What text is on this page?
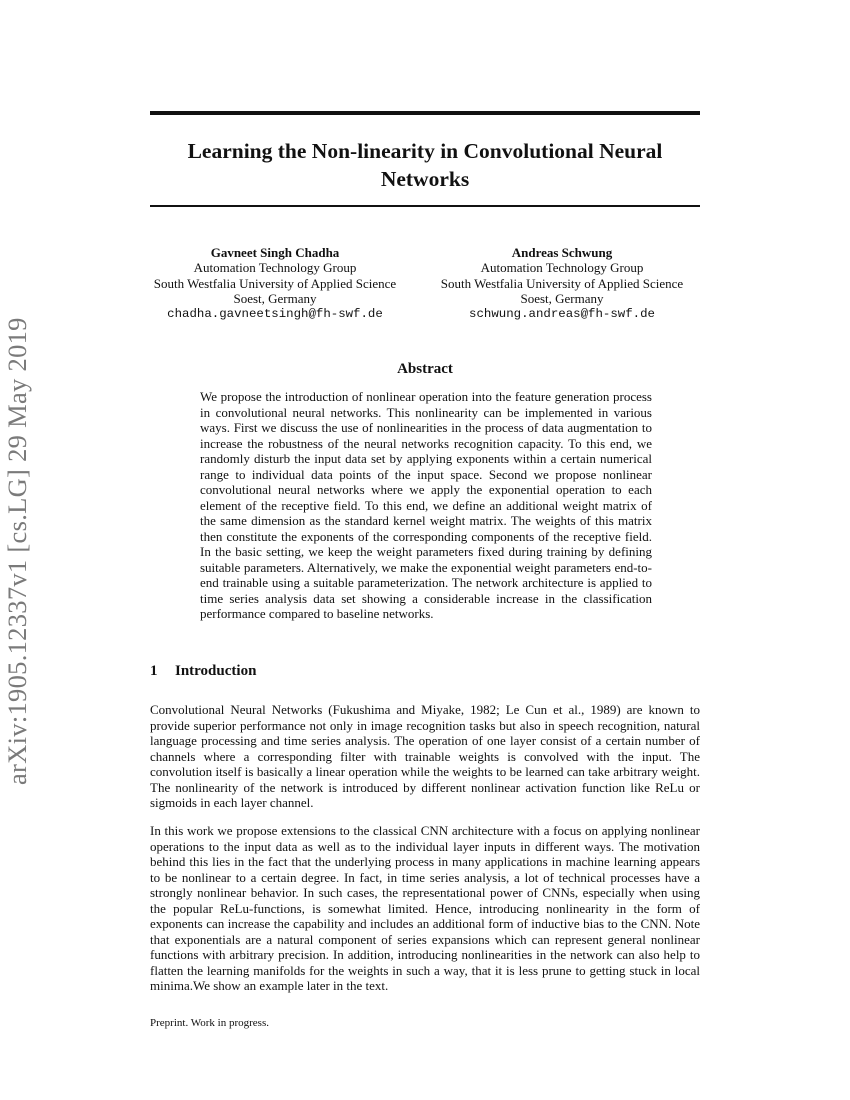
arXiv:1905.12337v1 [cs.LG] 29 May 2019
Learning the Non-linearity in Convolutional Neural Networks
Gavneet Singh Chadha
Automation Technology Group
South Westfalia University of Applied Science
Soest, Germany
chadha.gavneetsingh@fh-swf.de
Andreas Schwung
Automation Technology Group
South Westfalia University of Applied Science
Soest, Germany
schwung.andreas@fh-swf.de
Abstract
We propose the introduction of nonlinear operation into the feature generation process in convolutional neural networks. This nonlinearity can be implemented in various ways. First we discuss the use of nonlinearities in the process of data augmentation to increase the robustness of the neural networks recognition capacity. To this end, we randomly disturb the input data set by applying exponents within a certain numerical range to individual data points of the input space. Second we propose nonlinear convolutional neural networks where we apply the exponential operation to each element of the receptive field. To this end, we define an additional weight matrix of the same dimension as the standard kernel weight matrix. The weights of this matrix then constitute the exponents of the corresponding components of the receptive field. In the basic setting, we keep the weight parameters fixed during training by defining suitable parameters. Alternatively, we make the exponential weight parameters end-to-end trainable using a suitable parameterization. The network architecture is applied to time series analysis data set showing a considerable increase in the classification performance compared to baseline networks.
1 Introduction
Convolutional Neural Networks (Fukushima and Miyake, 1982; Le Cun et al., 1989) are known to provide superior performance not only in image recognition tasks but also in speech recognition, natural language processing and time series analysis. The operation of one layer consist of a certain number of channels where a corresponding filter with trainable weights is convolved with the input. The convolution itself is basically a linear operation while the weights to be learned can take arbitrary weight. The nonlinearity of the network is introduced by different nonlinear activation function like ReLu or sigmoids in each layer channel.
In this work we propose extensions to the classical CNN architecture with a focus on applying nonlinear operations to the input data as well as to the individual layer inputs in different ways. The motivation behind this lies in the fact that the underlying process in many applications in machine learning appears to be nonlinear to a certain degree. In fact, in time series analysis, a lot of technical processes have a strongly nonlinear behavior. In such cases, the representational power of CNNs, especially when using the popular ReLu-functions, is somewhat limited. Hence, introducing nonlinearity in the form of exponents can increase the capability and includes an additional form of inductive bias to the CNN. Note that exponentials are a natural component of series expansions which can represent general nonlinear functions with arbitrary precision. In addition, introducing nonlinearities in the network can also help to flatten the learning manifolds for the weights in such a way, that it is less prune to getting stuck in local minima.We show an example later in the text.
Preprint. Work in progress.
